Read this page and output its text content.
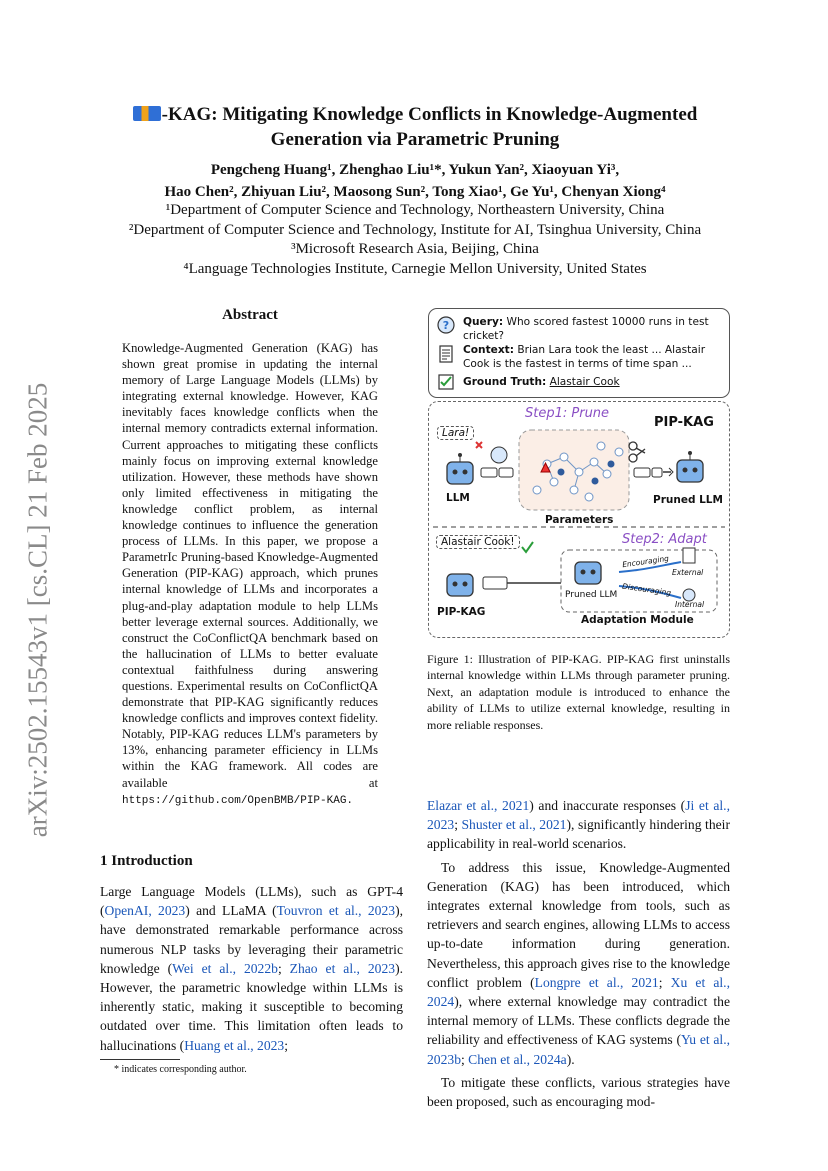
arXiv:2502.15543v1 [cs.CL] 21 Feb 2025
-KAG: Mitigating Knowledge Conflicts in Knowledge-Augmented
Generation via Parametric Pruning
Pengcheng Huang¹, Zhenghao Liu¹*, Yukun Yan², Xiaoyuan Yi³,
Hao Chen², Zhiyuan Liu², Maosong Sun², Tong Xiao¹, Ge Yu¹, Chenyan Xiong⁴
¹Department of Computer Science and Technology, Northeastern University, China
²Department of Computer Science and Technology, Institute for AI, Tsinghua University, China
³Microsoft Research Asia, Beijing, China
⁴Language Technologies Institute, Carnegie Mellon University, United States
Abstract
Knowledge-Augmented Generation (KAG) has shown great promise in updating the internal memory of Large Language Models (LLMs) by integrating external knowledge. However, KAG inevitably faces knowledge conflicts when the internal memory contradicts external information. Current approaches to mitigating these conflicts mainly focus on improving external knowledge utilization. However, these methods have shown only limited effectiveness in mitigating the knowledge conflict problem, as internal knowledge continues to influence the generation process of LLMs. In this paper, we propose a ParametrIc Pruning-based Knowledge-Augmented Generation (PIP-KAG) approach, which prunes internal knowledge of LLMs and incorporates a plug-and-play adaptation module to help LLMs better leverage external sources. Additionally, we construct the CoConflictQA benchmark based on the hallucination of LLMs to better evaluate contextual faithfulness during answering questions. Experimental results on CoConflictQA demonstrate that PIP-KAG significantly reduces knowledge conflicts and improves context fidelity. Notably, PIP-KAG reduces LLM's parameters by 13%, enhancing parameter efficiency in LLMs within the KAG framework. All codes are available at https://github.com/OpenBMB/PIP-KAG.
1 Introduction
Large Language Models (LLMs), such as GPT-4 (OpenAI, 2023) and LLaMA (Touvron et al., 2023), have demonstrated remarkable performance across numerous NLP tasks by leveraging their parametric knowledge (Wei et al., 2022b; Zhao et al., 2023). However, the parametric knowledge within LLMs is inherently static, making it susceptible to becoming outdated over time. This limitation often leads to hallucinations (Huang et al., 2023;
* indicates corresponding author.
? Query: Who scored fastest 10000 runs in test cricket?
Context: Brian Lara took the least ... Alastair Cook is the fastest in terms of time span ...
Ground Truth: Alastair Cook
Step1: Prune
PIP-KAG
Lara!
LLM	Pruned LLM
Parameters
Step2: Adapt
Alastair Cook!
PIP-KAG
Pruned LLM
Encouraging
Discouraging
External
Internal
Adaptation Module
Figure 1: Illustration of PIP-KAG. PIP-KAG first uninstalls internal knowledge within LLMs through parameter pruning. Next, an adaptation module is introduced to enhance the ability of LLMs to utilize external knowledge, resulting in more reliable responses.

Elazar et al., 2021) and inaccurate responses (Ji et al., 2023; Shuster et al., 2021), significantly hindering their applicability in real-world scenarios.

To address this issue, Knowledge-Augmented Generation (KAG) has been introduced, which integrates external knowledge from tools, such as retrievers and search engines, allowing LLMs to access up-to-date information during generation. Nevertheless, this approach gives rise to the knowledge conflict problem (Longpre et al., 2021; Xu et al., 2024), where external knowledge may contradict the internal memory of LLMs. These conflicts degrade the reliability and effectiveness of KAG systems (Yu et al., 2023b; Chen et al., 2024a).

To mitigate these conflicts, various strategies have been proposed, such as encouraging mod-
